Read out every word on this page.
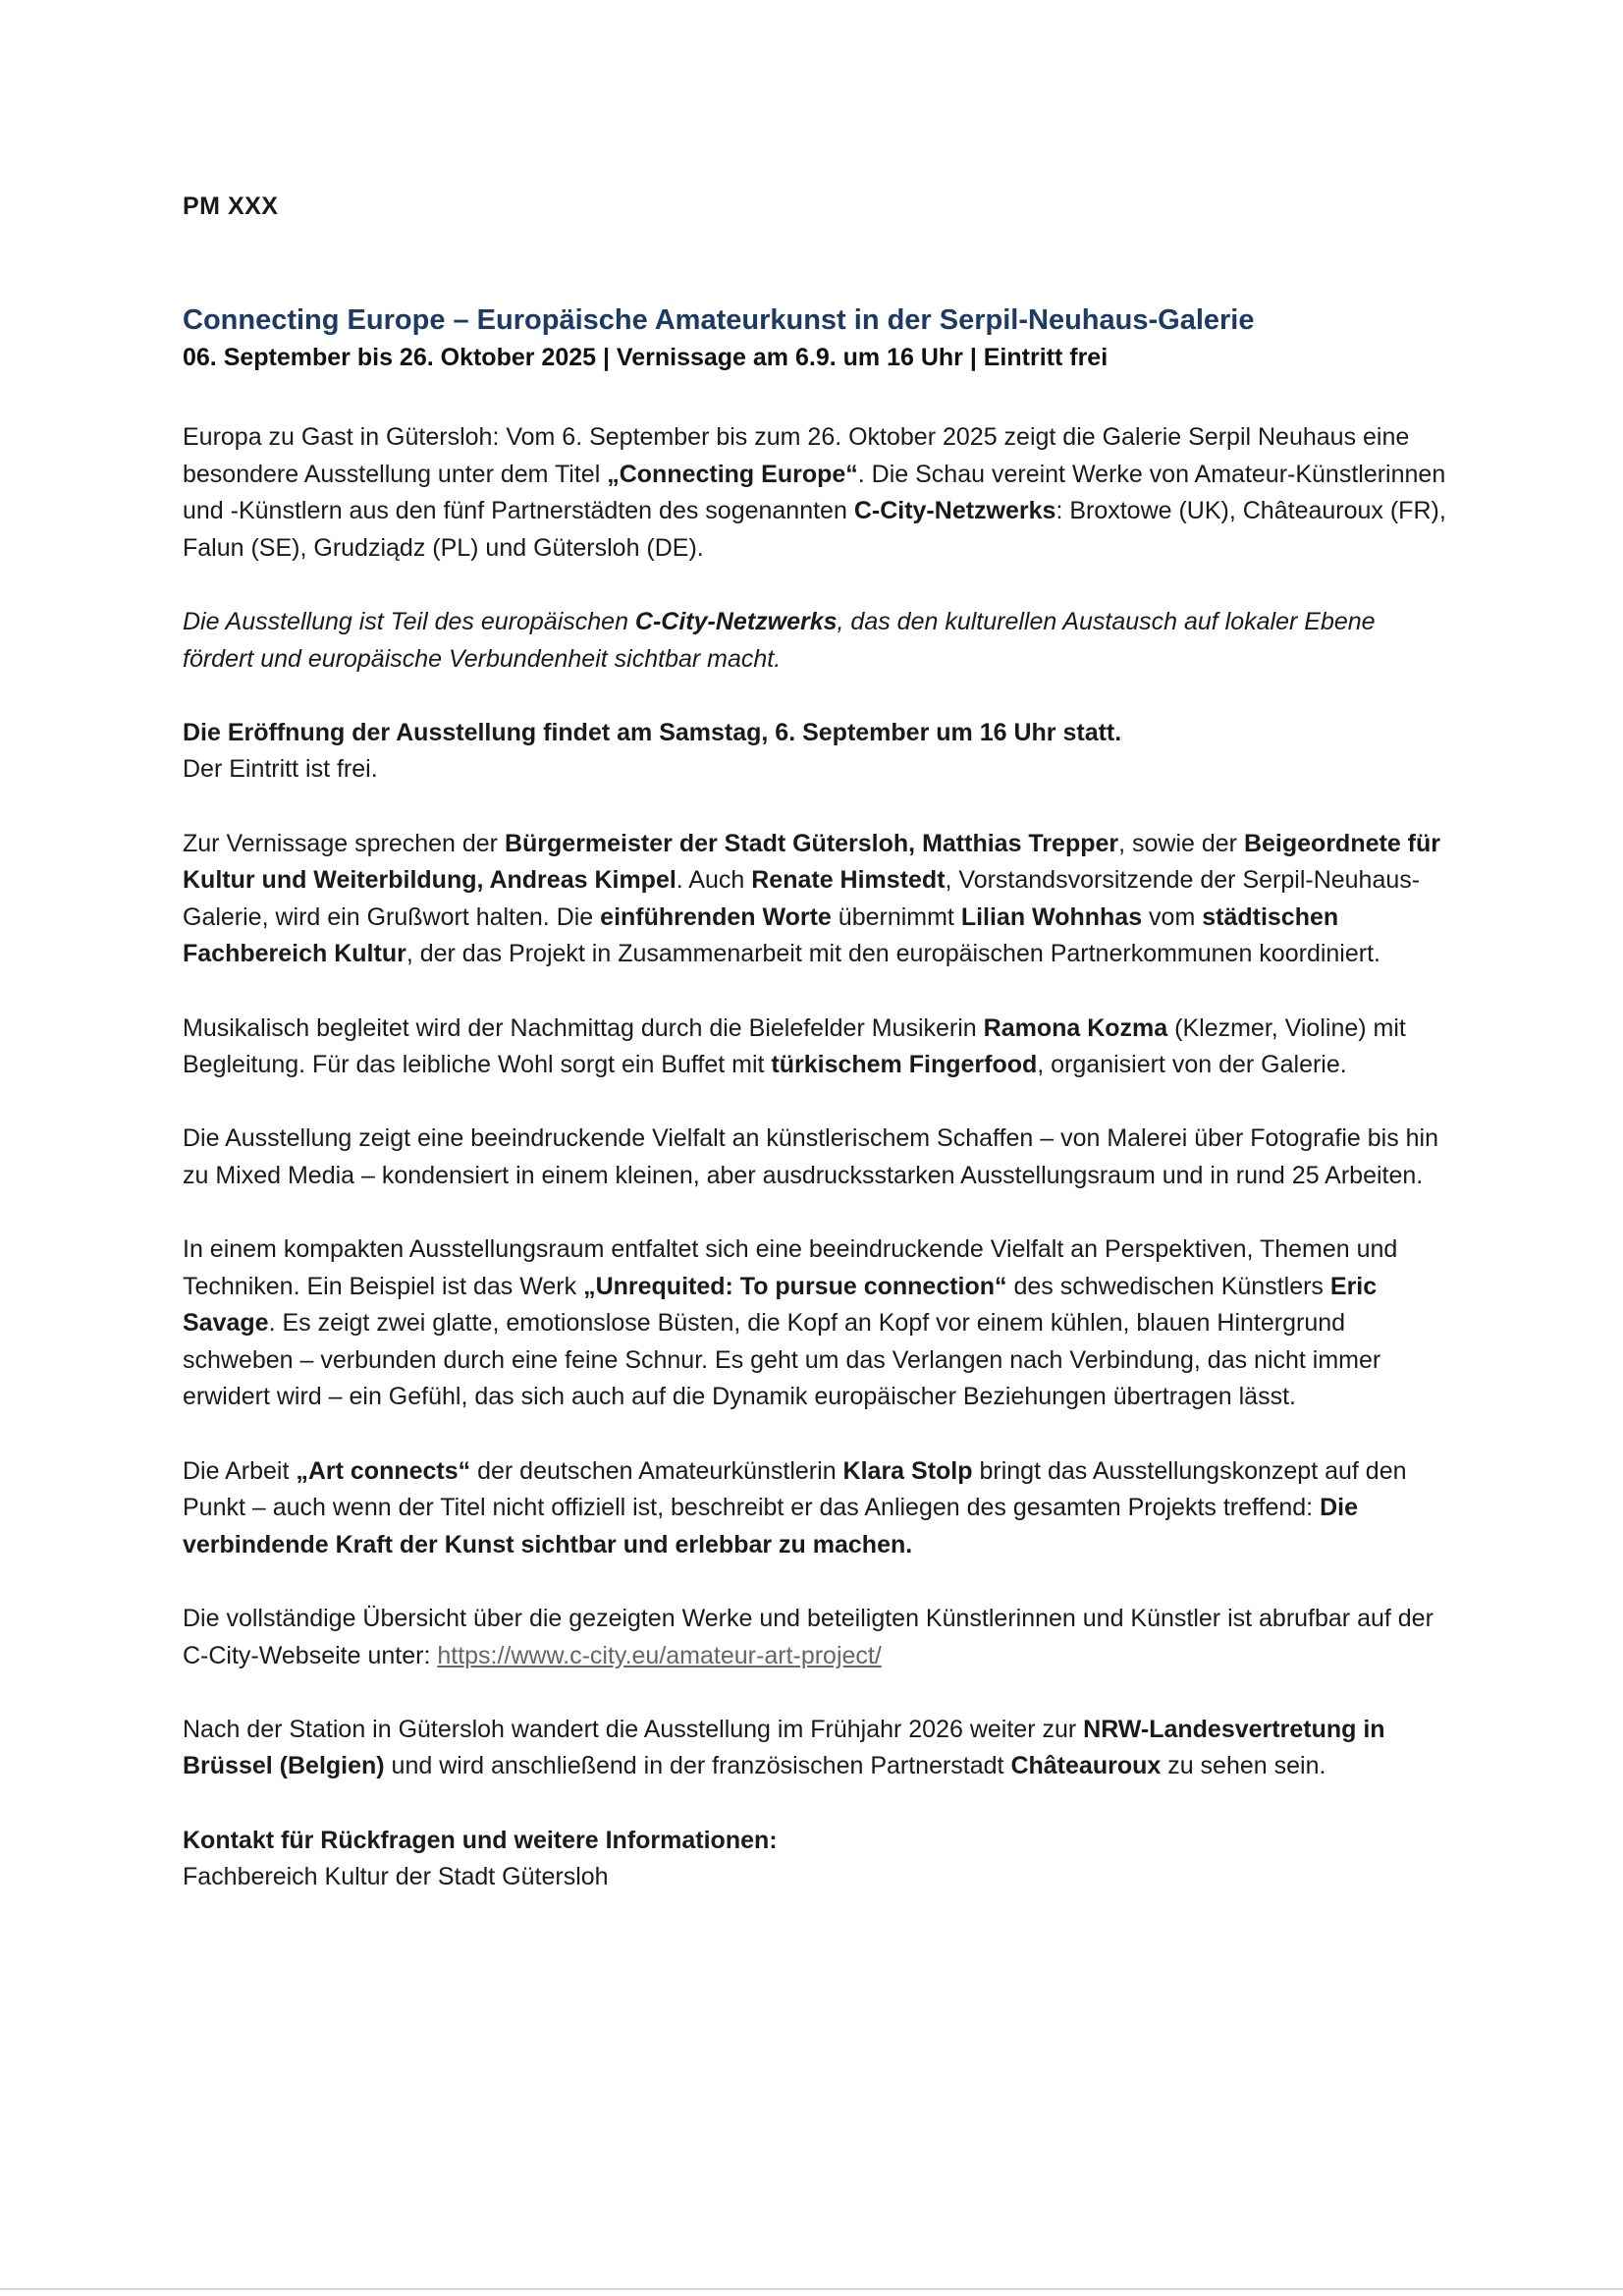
PM XXX
Connecting Europe – Europäische Amateurkunst in der Serpil-Neuhaus-Galerie
06. September bis 26. Oktober 2025 | Vernissage am 6.9. um 16 Uhr | Eintritt frei

Europa zu Gast in Gütersloh: Vom 6. September bis zum 26. Oktober 2025 zeigt die Galerie Serpil Neuhaus eine besondere Ausstellung unter dem Titel „Connecting Europe“. Die Schau vereint Werke von Amateur-Künstlerinnen und -Künstlern aus den fünf Partnerstädten des sogenannten C-City-Netzwerks: Broxtowe (UK), Châteauroux (FR), Falun (SE), Grudziądz (PL) und Gütersloh (DE).

Die Ausstellung ist Teil des europäischen C-City-Netzwerks, das den kulturellen Austausch auf lokaler Ebene fördert und europäische Verbundenheit sichtbar macht.

Die Eröffnung der Ausstellung findet am Samstag, 6. September um 16 Uhr statt.
Der Eintritt ist frei.

Zur Vernissage sprechen der Bürgermeister der Stadt Gütersloh, Matthias Trepper, sowie der Beigeordnete für Kultur und Weiterbildung, Andreas Kimpel. Auch Renate Himstedt, Vorstandsvorsitzende der Serpil-Neuhaus-Galerie, wird ein Grußwort halten. Die einführenden Worte übernimmt Lilian Wohnhas vom städtischen Fachbereich Kultur, der das Projekt in Zusammenarbeit mit den europäischen Partnerkommunen koordiniert.

Musikalisch begleitet wird der Nachmittag durch die Bielefelder Musikerin Ramona Kozma (Klezmer, Violine) mit Begleitung. Für das leibliche Wohl sorgt ein Buffet mit türkischem Fingerfood, organisiert von der Galerie.

Die Ausstellung zeigt eine beeindruckende Vielfalt an künstlerischem Schaffen – von Malerei über Fotografie bis hin zu Mixed Media – kondensiert in einem kleinen, aber ausdrucksstarken Ausstellungsraum und in rund 25 Arbeiten.

In einem kompakten Ausstellungsraum entfaltet sich eine beeindruckende Vielfalt an Perspektiven, Themen und Techniken. Ein Beispiel ist das Werk „Unrequited: To pursue connection“ des schwedischen Künstlers Eric Savage. Es zeigt zwei glatte, emotionslose Büsten, die Kopf an Kopf vor einem kühlen, blauen Hintergrund schweben – verbunden durch eine feine Schnur. Es geht um das Verlangen nach Verbindung, das nicht immer erwidert wird – ein Gefühl, das sich auch auf die Dynamik europäischer Beziehungen übertragen lässt.

Die Arbeit „Art connects“ der deutschen Amateurkünstlerin Klara Stolp bringt das Ausstellungskonzept auf den Punkt – auch wenn der Titel nicht offiziell ist, beschreibt er das Anliegen des gesamten Projekts treffend: Die verbindende Kraft der Kunst sichtbar und erlebbar zu machen.

Die vollständige Übersicht über die gezeigten Werke und beteiligten Künstlerinnen und Künstler ist abrufbar auf der C-City-Webseite unter: https://www.c-city.eu/amateur-art-project/

Nach der Station in Gütersloh wandert die Ausstellung im Frühjahr 2026 weiter zur NRW-Landesvertretung in Brüssel (Belgien) und wird anschließend in der französischen Partnerstadt Châteauroux zu sehen sein.

Kontakt für Rückfragen und weitere Informationen:
Fachbereich Kultur der Stadt Gütersloh
